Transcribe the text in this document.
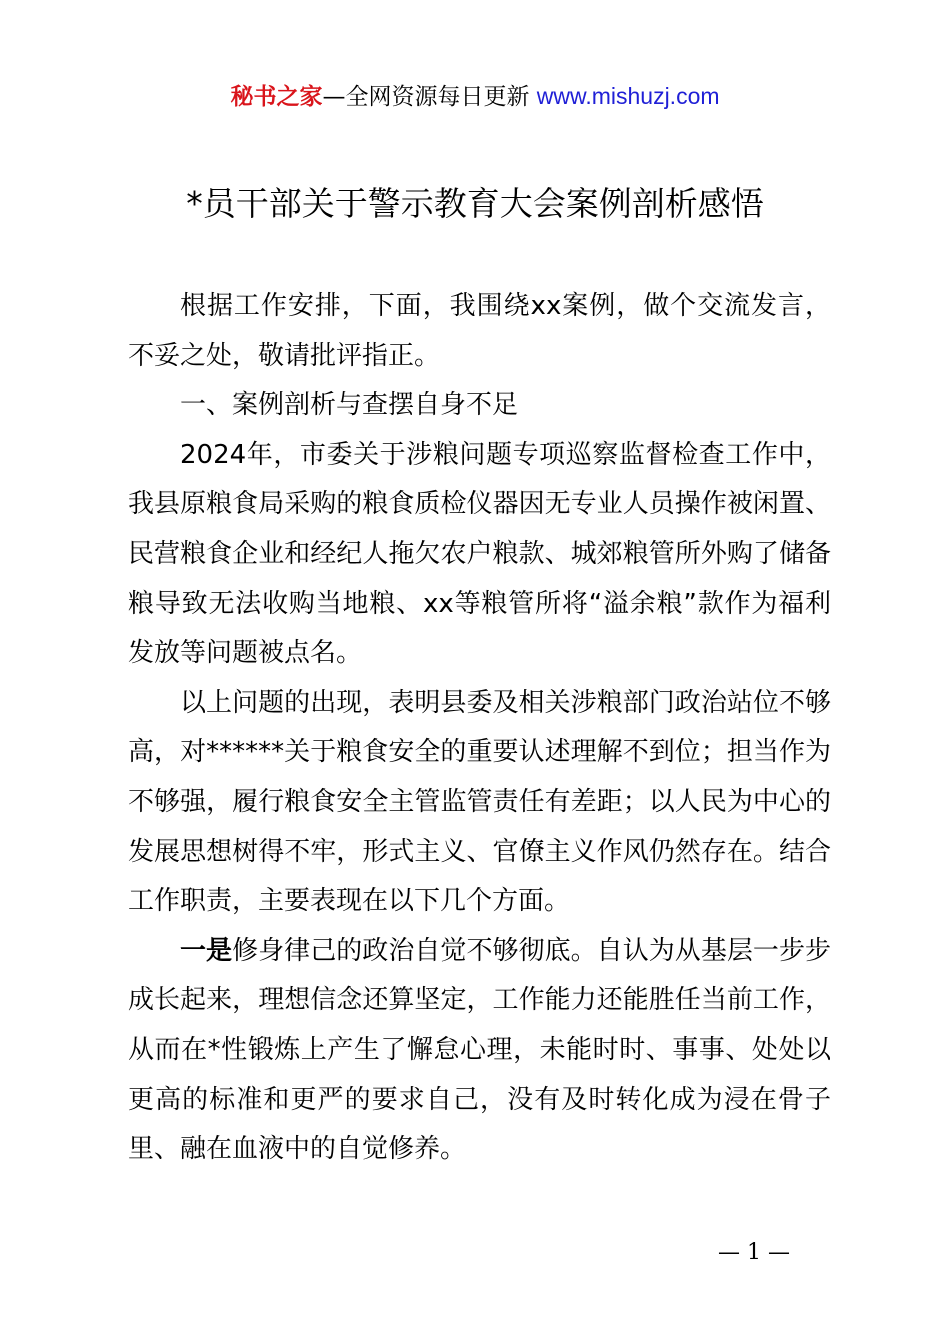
秘书之家—全网资源每日更新 www.mishuzj.com
*员干部关于警示教育大会案例剖析感悟

根据工作安排，下面，我围绕xx案例，做个交流发言，不妥之处，敬请批评指正。

一、案例剖析与查摆自身不足

2024年，市委关于涉粮问题专项巡察监督检查工作中，我县原粮食局采购的粮食质检仪器因无专业人员操作被闲置、民营粮食企业和经纪人拖欠农户粮款、城郊粮管所外购了储备粮导致无法收购当地粮、xx等粮管所将“溢余粮”款作为福利发放等问题被点名。

以上问题的出现，表明县委及相关涉粮部门政治站位不够高，对******关于粮食安全的重要认述理解不到位；担当作为不够强，履行粮食安全主管监管责任有差距；以人民为中心的发展思想树得不牢，形式主义、官僚主义作风仍然存在。结合工作职责，主要表现在以下几个方面。

一是修身律己的政治自觉不够彻底。自认为从基层一步步成长起来，理想信念还算坚定，工作能力还能胜任当前工作，从而在*性锻炼上产生了懈怠心理，未能时时、事事、处处以更高的标准和更严的要求自己，没有及时转化成为浸在骨子里、融在血液中的自觉修养。

— 1 —
